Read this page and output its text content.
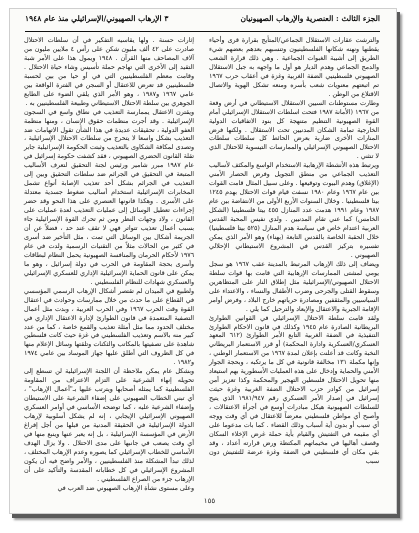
الجزء الثالث : العنصرية والإرهاب الصهيونيان
٣ الإرهاب الصهيوني/الإسرائيلي منذ عام ١٩٤٨

والترشت عقارات الاستقلال الجماعي/المتأيج بقرارة قرى وأحياء يقطنها ونهنه شكانها الفلسطينيون وتنسبهم بعدهم بعضهم شيء الطريق إلى أشيبة الغبوات الجماعية . وهي ذلك قرارة الشعب والدمج الجماعي وهدم الديار هو أول ما واجهه به جبل الاستقلال الصهيوني فلسطينيي الضفة الغربية وغزة في أعقاب حرب ١٩٦٧ تم اتبعتهم معنويات شعب بأسره ومنعه تشكل الهوية والاتصال الاقتلاع من الوطن .

وطارت مستوطنات السيين الاستقلال الاستيطاني في أرض وفعة من ١٩٦٧ (الأمانة ١٩٨٧ فتحت اسلطات الاستقلال الإسرائيلي أمام القوة الصهيونية التنظيم متنهجة كل بنود الاتفاقيات الدولية الخارجية تمامة الشكان المدنيين تحت الاستقلال . ولكنها فرض المنارات الأخرى ضاربة بعرض الحائط كل سلطات سلطات الاحتلال الصهيوني الإسرائيلي والممارسات التيسوية للاحتلال الذي لا تنثني .

ويرتبط هذه الأنشطة الإرهابية الاستخدام الواسع والمكثف لأساليب التعذيب الجماعي من منطق التجويل وفرض الحصار الأمني (الإغلاق) وهدم البيوت وتوقيعها . وعلى سبيل المثال قامت القوات بين عام ١٩٦٧ وعام ١٩٨٠ نسفت قيام قوات الاحتلال بهدم ١٢٤٥ بيتا فلسطينيا . وخلال السنوات الأربع الأولى من الانتفاضة بين عام ١٩٨٧ وعام ١٩٩١ هدمت عدد المنازل ٤٥٥ بيتا فلسطينيا (الشكل الخامس) كما عني تقام المدنيين . ولدي نفيس المحبة القدس العربية اعتدام خاص في سياسة هدم المنازل (٥٢٥ بيتا فلسطينيا) خلال الحقبة الخاصة بالقدس التابعة (بهناء) وهو الأمر الذي يمكن تفسيره بتركيز القدس في المشروع الاستيطاني الإحلالي الصهيوني .

ويضاف إلى ذلك الإرهاب المرتبط بالمدينة عقب ١٩٦٧ هو سجل يومي لمشتى الممارسات الإرهابية التي قامت بها قوات سلطة الاحتلال الصهيوني/الإسرائيلية مثل إطلاق النار على المتظاهرين وسقوط القتلى والجرحى وضرب الأطفال والنساء ، والاعتداء على السياسيين والمثقفين ومصادرة حرياتهم خارج البلاد ، وفرض أوامر الإقامة الجبرية والاعتقال والإبعاد والترحيل كما يلي .

ولقد قامت سلطة الاحتلال الإسرائيلي في القوانين الطوارئ البريطانية الصادرة عام ١٩٤٥ وكذلك في قانون الاحكام الطوارئ التنفيذية في الضفة الغربية التابع الأمر الطوارئ (٦١٢ المعهد العسكري/العسكرية وادارة المحكمة) أو قرر الاستعمار البريطاني النخبة وكانت قد أعلنت بإعلان لمدة ١٩٦٧ من الاستعمار الوطني ، وإنها مكملة ١٣١ مخالفة قانونية في كل ما يرتكبه ، وبحجة الجوار الأمني والحماية وإدخال على هذه العمليات الأسطورية بهم استيعاد منها تحويل الاحتلال فلسطين التهجير والمحكمة وكذا تعزيز أمن إسرائيل من كوادر حزب الاحتلال الضفة الغربية وغزة حيثت إسرائيل في إصدار الأمر العسكري رقم ١٩٨١/٩٤٧ الذي يتيح للسلطات الصهيونية هيكل مبادرات أوسع في أجرأة الاعتقالات ، وأصبح أي مواطن فلسطيني معرضاً للاعتقال في أي وقت ووجه أي سبب أو بدون أية أسباب وذلك القضاء . كما بات مدعوما على أي مقيمه في التفتيش والقيام بأية حملة غرض الإخلاء السكان وقصف أهاليها في مخيماتهم المكتظة ورض قرارته أعداد ، وقد بقي مكان أي فلسطيني في الضفة وغزة عرضة للتفتيش دون سبب

إثارات حسنة . ولها يقاسيه التفكير في أن سلطات الاحتلال صادرت على ٤٢ ألف مليون شكن على رأس ٤ ملايين مليون من آلاف المصاحف منها القرآن . ١٩٤٨ ويمول هذا على الأمر شبة التقيد إلى الأخرى التي تهاجم حملة تأسيس وشاء حياة الاحتلال . وقامت معظم الفلسطينيين التي في أو حيا من بين لحسبة فلسطينيين قد تعرض للاعتقال أو السجن في الفترة الواقعة بين عامي ١٩٦٧ و١٩٨٧ ، وهو الأمر الذي يلقي الضوء على الطابع الجوهري بين سلطة الاحتلال الاستيطاني وطبيعة الفلسطينيين به .

ويقترن الاعتقال يممارسة التعذيب في نطاق واسع في السجون الإسرائيلية . وقد أجرت منظمات حقوق الإنسان ، ومنها منظمة العفو الدولية ، تحقيقات عديدة في هذا الشأن تقول الاتهامات ضد التعذيب بشكل واسعا لا يتحرج من سلطات الاحتلال الإسرائيلية ، وتصدى لمكافة الشكاوى بالتعذيب وثبتت الحكومة الإسرائيلية جابر تقلة القانون الحضري الصهيوني ، فقد كشفت حكومة إسرائيل في عام ١٩٨٧ مبرر شامير ورئيس لجنة التحقيق لتعرف الأساليب المتبعة في التحقيق في الجرائم ضد سلطات التحقيق وبين إلى التعذيب في الجرائم بشكل أحد تعذيب الإصابة أنواع تشمل المخابرات الإسرائيلية استخدام أساليب ضغوط جسدية معتدلة على الأسرى . وهكذا قانونها العنصري على هذا النحو وقد حضر إجراءات تعطيل الوسائل إلى عمليات التعذيب لعدة عمليات على القانون ، ولاد وجهات النظر ومن ثم تحرك القوة الإسرائيلية جاء بسبب أعمال تعذيب تتواتر فهي لا تقف عند حد ، فضلاً عن أن الجريمة أشكال بين الوسائل التي تمت ، مثل التأخير ضد أسرى في كثير من الحالات مثلاً من التقنيات الرسمية ولدت في عام ١٩٧٦ لأحكام الحرمان والمنافسة الصهيونية يحمل النظام لبطاقات وأسرى بحجة المقاومة في الحرب في دولة إسرائيل ، وهو ما يمكن على قانون الحماية الإسرائيلية الإداري للعسكري الإسرائيلي والعسكري شهادات للنظام الفلسطيني .

ولطبيع في الميدان لم تقتصر أشكال الإرهاب الرسمي المؤسسي في القطاع على ما حدث من خلال ممارسات وحوادث في اعتقال القوة وقت الحرب ١٩٦٧ وفي الحرب العربية ، وبدت مثل أعمال التصفية المتعمدة في قانون الطوارئ لإدارة الاعتقال الإداري في مختلف الحدود مما مثل أمثلة تعذيب والقمع خاصة ، كما من عدد كبير منه بالاسم وتعذيب الفلسطيني في غزة حيث كانت فلسطين شاهدة على تصفيتها بالمكاتب والثكنات وتلقتها وسائل الإعلام منها في كل الظروف التي أطلق عليها جهاز الموساد بين عامي ١٩٧٤ و١٩٨٢ .

وبشكل عام يمكن ملاحظة أن اللجنة الإسرائيلية لن تسطع إلى تحويله إنهاء الشرعية على التزام الاعتراف من المقاومة الفلسطينية كما يمثله أصحابها ويترتب عليها بـ"أعمال الإرهاب" ، أي تبني الخطاب الصهيوني على إضفاء الشرعية على الاستيطان وإضفاء الشرعية عليه ، كما توضحه الأساسي في أوامر العسكري الصهيوني الإسرائيلي الإيجابي ، إنه لم يشكل أسلوبية لإرهاب الدولة الإسرائيلية في الحقيقة المدنية من قبلها من أجل إفراغ الأرض في المؤسسة الإسرائيلية ، بل إنه يعبر عنها وينبع منها في أي وقت يصعب في جانبها على مدى الاحتلال . ولا يزال الهدف الأساسي للخطاب الإسرائيلي كما يصوره وعدم الإرهاب المختلف ، لذلك تبدأ المشكلة منذ الفلسطينيين ، والأمر واضح فيه أن يكون المشروع الإسرائيلي في كل خطاباته المقدسة والتأكيد على أن الإرهاب جزء من الصراع الفلسطيني .

وعلى مستوى نشأة الإرهاب الصهيوني ضد العرب في

١٥٥
